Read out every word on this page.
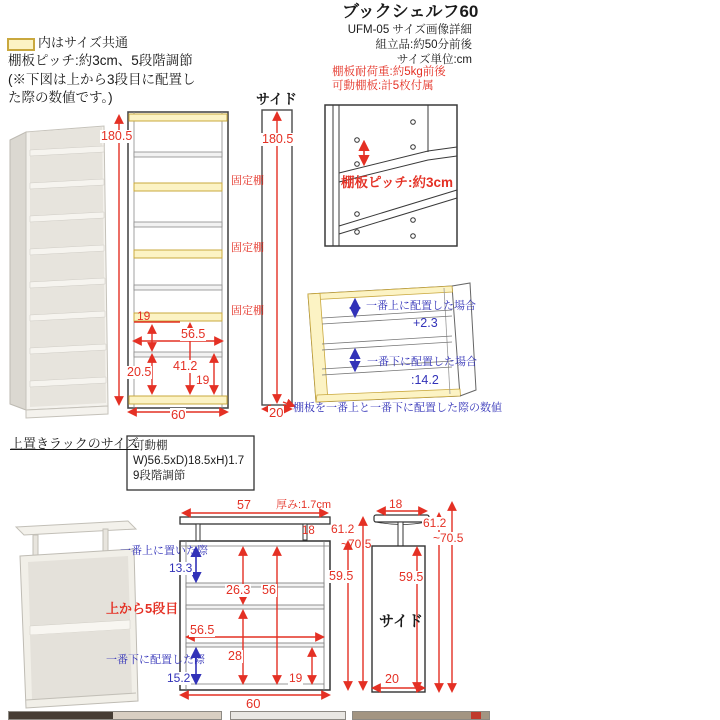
ブックシェルフ60
UFM-05 サイズ画像詳細
組立品:約50分前後
サイズ単位:cm
内はサイズ共通
棚板ピッチ:約3cm、5段階調節
(※下図は上から3段目に配置し
た際の数値です。)
180.5
固定棚
固定棚
固定棚
19
56.5
41.2
20.5
19
60
サイド
180.5
20
棚板耐荷重:約5kg前後
可動棚板:計5枚付属
棚板ピッチ:約3cm
一番上に配置した場合
+2.3
一番下に配置した場合
:14.2
棚板を一番上と一番下に配置した際の数値
上置きラックのサイズ
可動棚
W)56.5xD)18.5xH)1.7
9段階調節
一番上に置いた際
上から5段目
一番下に配置した際
57 厚み:1.7cm
18 61.2
~70.5
59.5
13.3
26.3 56
56.5
28
19
15.2
60
18
61.2
~70.5
59.5
サイド
20
